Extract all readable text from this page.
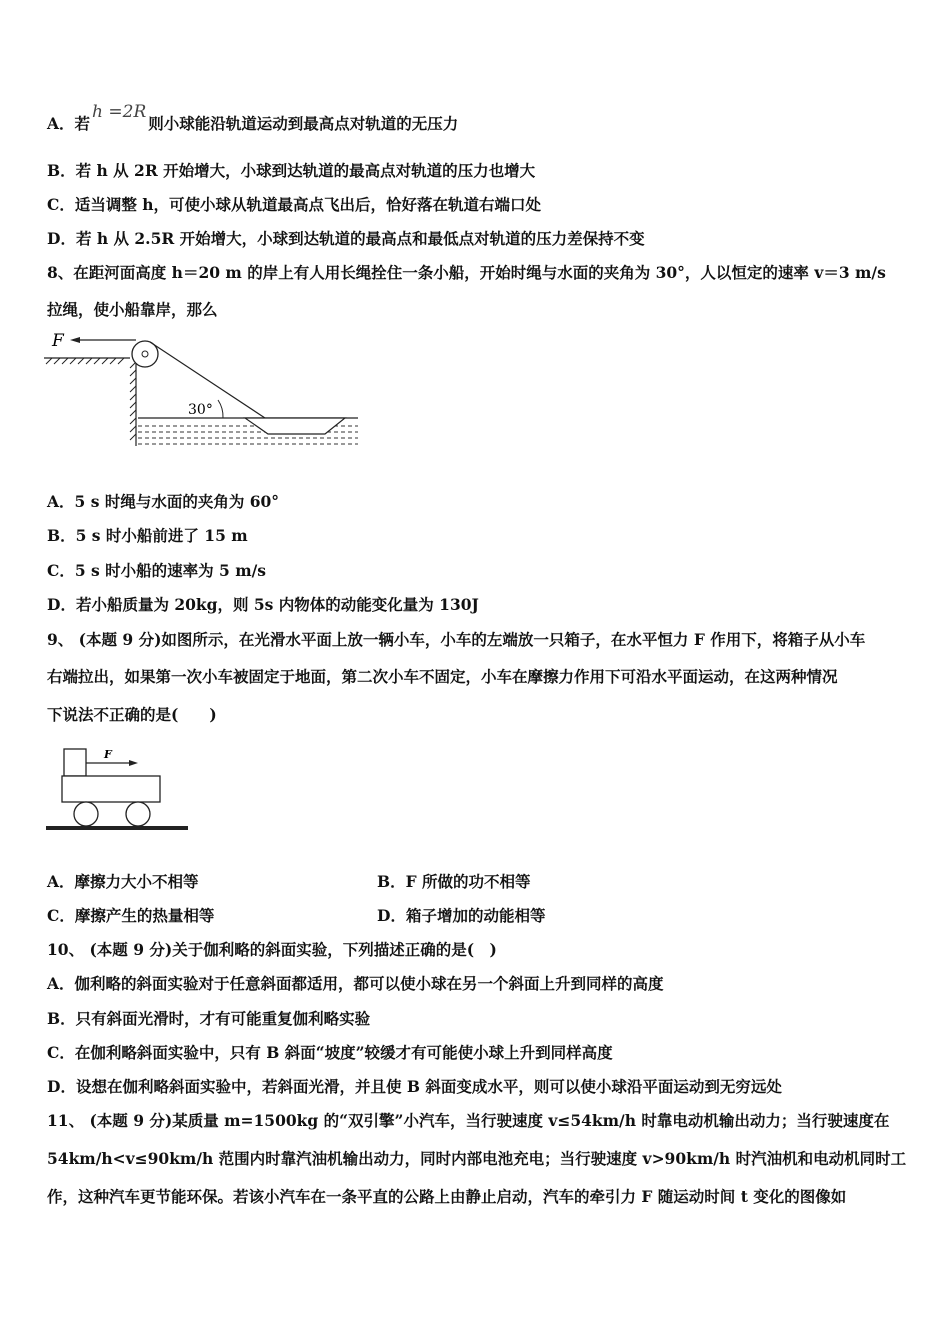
A．若h =2R则小球能沿轨道运动到最高点对轨道的无压力
B．若 h 从 2R 开始增大，小球到达轨道的最高点对轨道的压力也增大
C．适当调整 h，可使小球从轨道最高点飞出后，恰好落在轨道右端口处
D．若 h 从 2.5R 开始增大，小球到达轨道的最高点和最低点对轨道的压力差保持不变
8、在距河面高度 h＝20 m 的岸上有人用长绳拴住一条小船，开始时绳与水面的夹角为 30°，人以恒定的速率 v＝3 m/s
拉绳，使小船靠岸，那么
F
30°
A．5 s 时绳与水面的夹角为 60°
B．5 s 时小船前进了 15 m
C．5 s 时小船的速率为 5 m/s
D．若小船质量为 20kg，则 5s 内物体的动能变化量为 130J
9、 (本题 9 分)如图所示，在光滑水平面上放一辆小车，小车的左端放一只箱子，在水平恒力 F 作用下，将箱子从小车
右端拉出，如果第一次小车被固定于地面，第二次小车不固定，小车在摩擦力作用下可沿水平面运动，在这两种情况
下说法不正确的是(　　)
F
A．摩擦力大小不相等	B．F 所做的功不相等
C．摩擦产生的热量相等	D．箱子增加的动能相等
10、 (本题 9 分)关于伽利略的斜面实验，下列描述正确的是(　)
A．伽利略的斜面实验对于任意斜面都适用，都可以使小球在另一个斜面上升到同样的高度
B．只有斜面光滑时，才有可能重复伽利略实验
C．在伽利略斜面实验中，只有 B 斜面“坡度”较缓才有可能使小球上升到同样高度
D．设想在伽利略斜面实验中，若斜面光滑，并且使 B 斜面变成水平，则可以使小球沿平面运动到无穷远处
11、 (本题 9 分)某质量 m=1500kg 的“双引擎”小汽车，当行驶速度 v≤54km/h 时靠电动机输出动力；当行驶速度在
54km/h<v≤90km/h 范围内时靠汽油机输出动力，同时内部电池充电；当行驶速度 v>90km/h 时汽油机和电动机同时工
作，这种汽车更节能环保。若该小汽车在一条平直的公路上由静止启动，汽车的牵引力 F 随运动时间 t 变化的图像如
